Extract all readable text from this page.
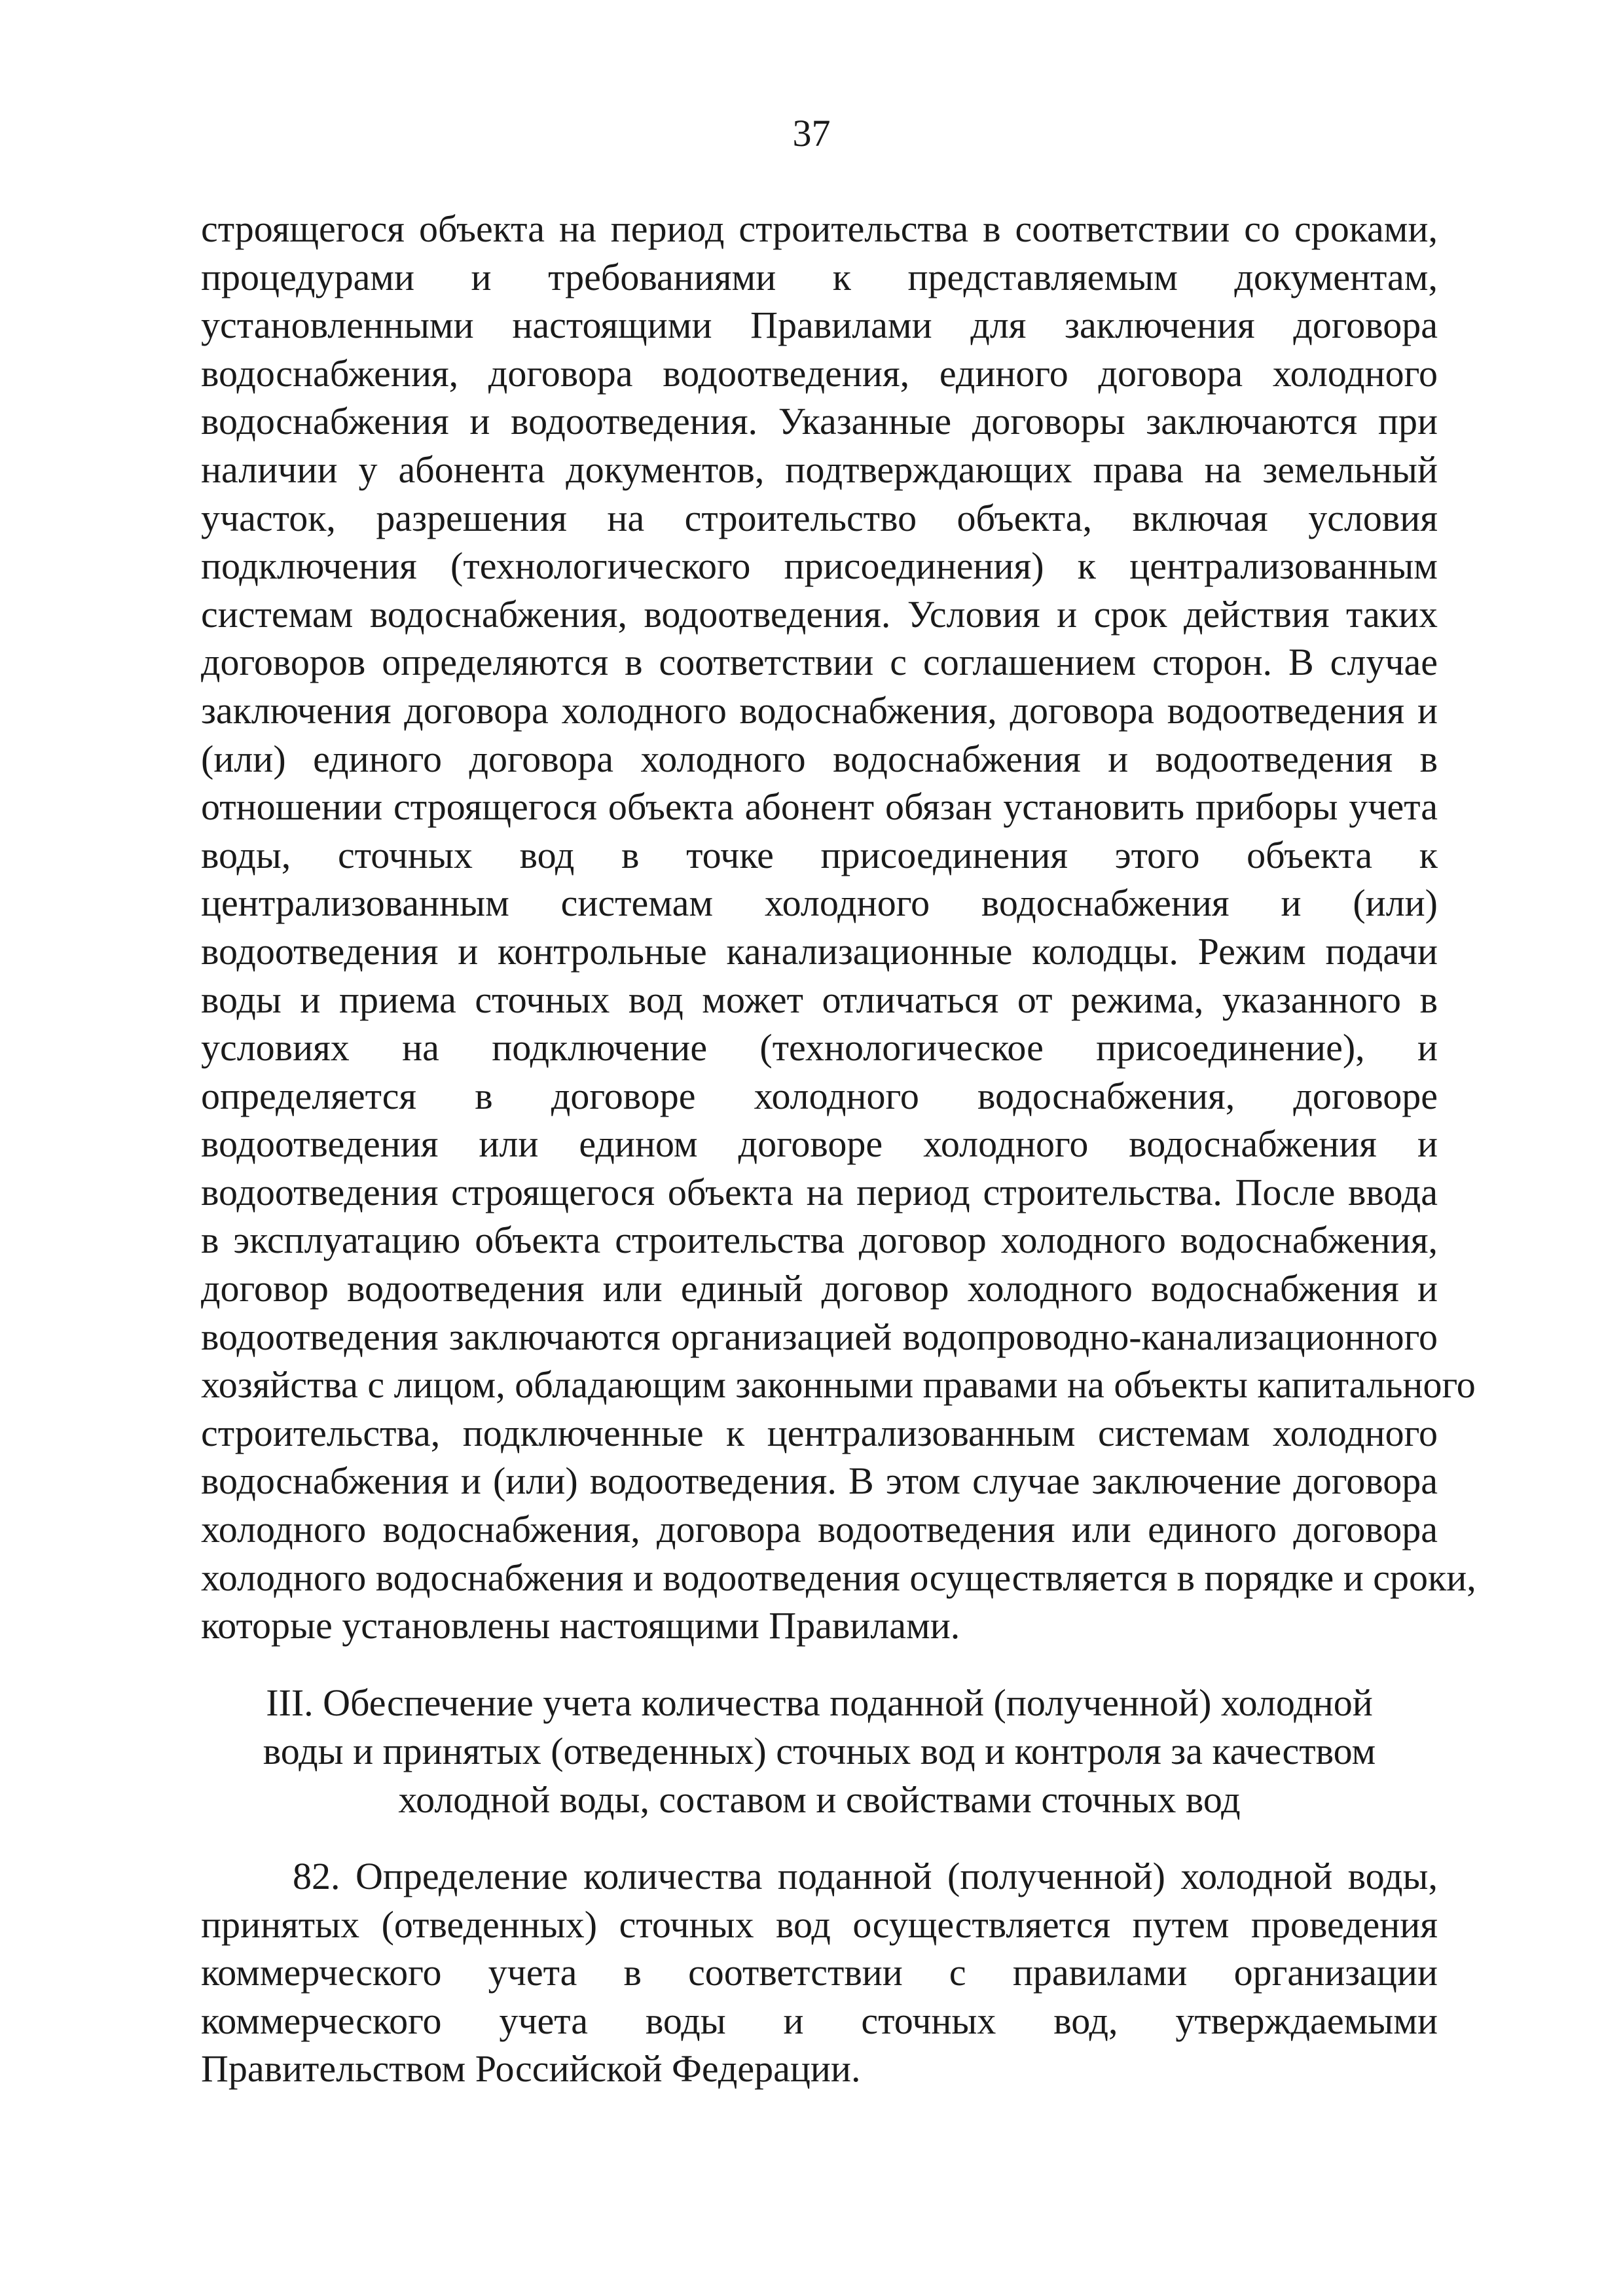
37
строящегося объекта на период строительства в соответствии со сроками,
процедурами и требованиями к представляемым документам,
установленными настоящими Правилами для заключения договора
водоснабжения, договора водоотведения, единого договора холодного
водоснабжения и водоотведения. Указанные договоры заключаются при
наличии у абонента документов, подтверждающих права на земельный
участок, разрешения на строительство объекта, включая условия
подключения (технологического присоединения) к централизованным
системам водоснабжения, водоотведения. Условия и срок действия таких
договоров определяются в соответствии с соглашением сторон. В случае
заключения договора холодного водоснабжения, договора водоотведения и
(или) единого договора холодного водоснабжения и водоотведения в
отношении строящегося объекта абонент обязан установить приборы учета
воды, сточных вод в точке присоединения этого объекта к
централизованным системам холодного водоснабжения и (или)
водоотведения и контрольные канализационные колодцы. Режим подачи
воды и приема сточных вод может отличаться от режима, указанного в
условиях на подключение (технологическое присоединение), и
определяется в договоре холодного водоснабжения, договоре
водоотведения или едином договоре холодного водоснабжения и
водоотведения строящегося объекта на период строительства. После ввода
в эксплуатацию объекта строительства договор холодного водоснабжения,
договор водоотведения или единый договор холодного водоснабжения и
водоотведения заключаются организацией водопроводно-канализационного
хозяйства с лицом, обладающим законными правами на объекты капитального
строительства, подключенные к централизованным системам холодного
водоснабжения и (или) водоотведения. В этом случае заключение договора
холодного водоснабжения, договора водоотведения или единого договора
холодного водоснабжения и водоотведения осуществляется в порядке и сроки,
которые установлены настоящими Правилами.
III. Обеспечение учета количества поданной (полученной) холодной
воды и принятых (отведенных) сточных вод и контроля за качеством
холодной воды, составом и свойствами сточных вод
82. Определение количества поданной (полученной) холодной воды,
принятых (отведенных) сточных вод осуществляется путем проведения
коммерческого учета в соответствии с правилами организации
коммерческого учета воды и сточных вод, утверждаемыми
Правительством Российской Федерации.
